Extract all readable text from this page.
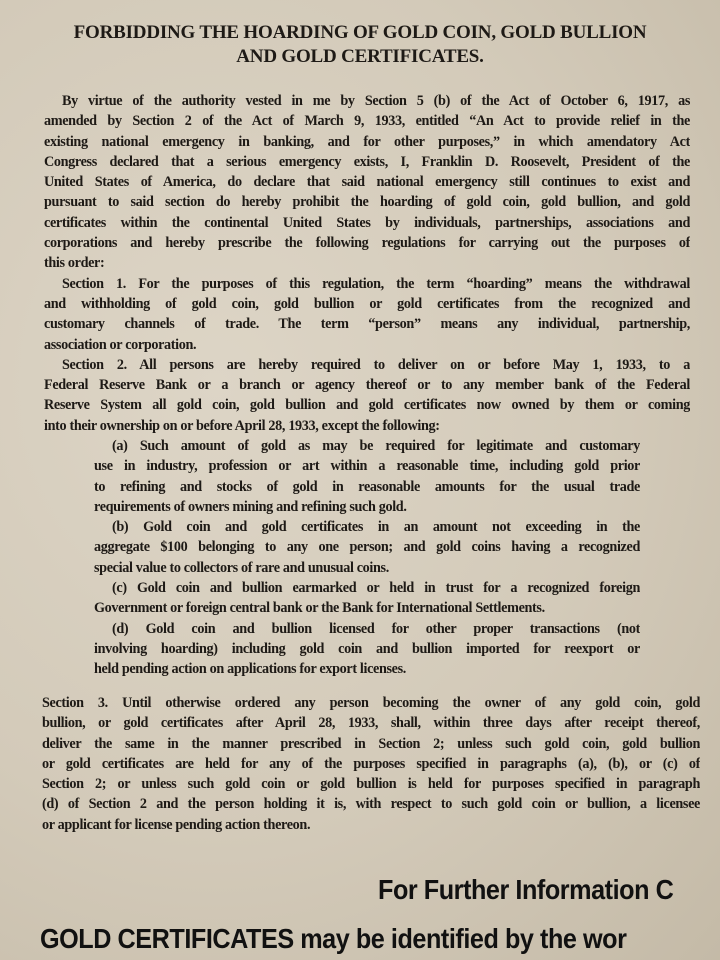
FORBIDDING THE HOARDING OF GOLD COIN, GOLD BULLION
AND GOLD CERTIFICATES.
By virtue of the authority vested in me by Section 5 (b) of the Act of October 6, 1917, as
amended by Section 2 of the Act of March 9, 1933, entitled “An Act to provide relief in the
existing national emergency in banking, and for other purposes,” in which amendatory Act
Congress declared that a serious emergency exists, I, Franklin D. Roosevelt, President of the
United States of America, do declare that said national emergency still continues to exist and
pursuant to said section do hereby prohibit the hoarding of gold coin, gold bullion, and gold
certificates within the continental United States by individuals, partnerships, associations and
corporations and hereby prescribe the following regulations for carrying out the purposes of
this order:
Section 1. For the purposes of this regulation, the term “hoarding” means the withdrawal
and withholding of gold coin, gold bullion or gold certificates from the recognized and
customary channels of trade. The term “person” means any individual, partnership,
association or corporation.
Section 2. All persons are hereby required to deliver on or before May 1, 1933, to a
Federal Reserve Bank or a branch or agency thereof or to any member bank of the Federal
Reserve System all gold coin, gold bullion and gold certificates now owned by them or coming
into their ownership on or before April 28, 1933, except the following:
(a) Such amount of gold as may be required for legitimate and customary
use in industry, profession or art within a reasonable time, including gold prior
to refining and stocks of gold in reasonable amounts for the usual trade
requirements of owners mining and refining such gold.
(b) Gold coin and gold certificates in an amount not exceeding in the
aggregate $100 belonging to any one person; and gold coins having a recognized
special value to collectors of rare and unusual coins.
(c) Gold coin and bullion earmarked or held in trust for a recognized foreign
Government or foreign central bank or the Bank for International Settlements.
(d) Gold coin and bullion licensed for other proper transactions (not
involving hoarding) including gold coin and bullion imported for reexport or
held pending action on applications for export licenses.
Section 3. Until otherwise ordered any person becoming the owner of any gold coin, gold
bullion, or gold certificates after April 28, 1933, shall, within three days after receipt thereof,
deliver the same in the manner prescribed in Section 2; unless such gold coin, gold bullion
or gold certificates are held for any of the purposes specified in paragraphs (a), (b), or (c) of
Section 2; or unless such gold coin or gold bullion is held for purposes specified in paragraph
(d) of Section 2 and the person holding it is, with respect to such gold coin or bullion, a licensee
or applicant for license pending action thereon.
For Further Information C
GOLD CERTIFICATES may be identified by the wor
